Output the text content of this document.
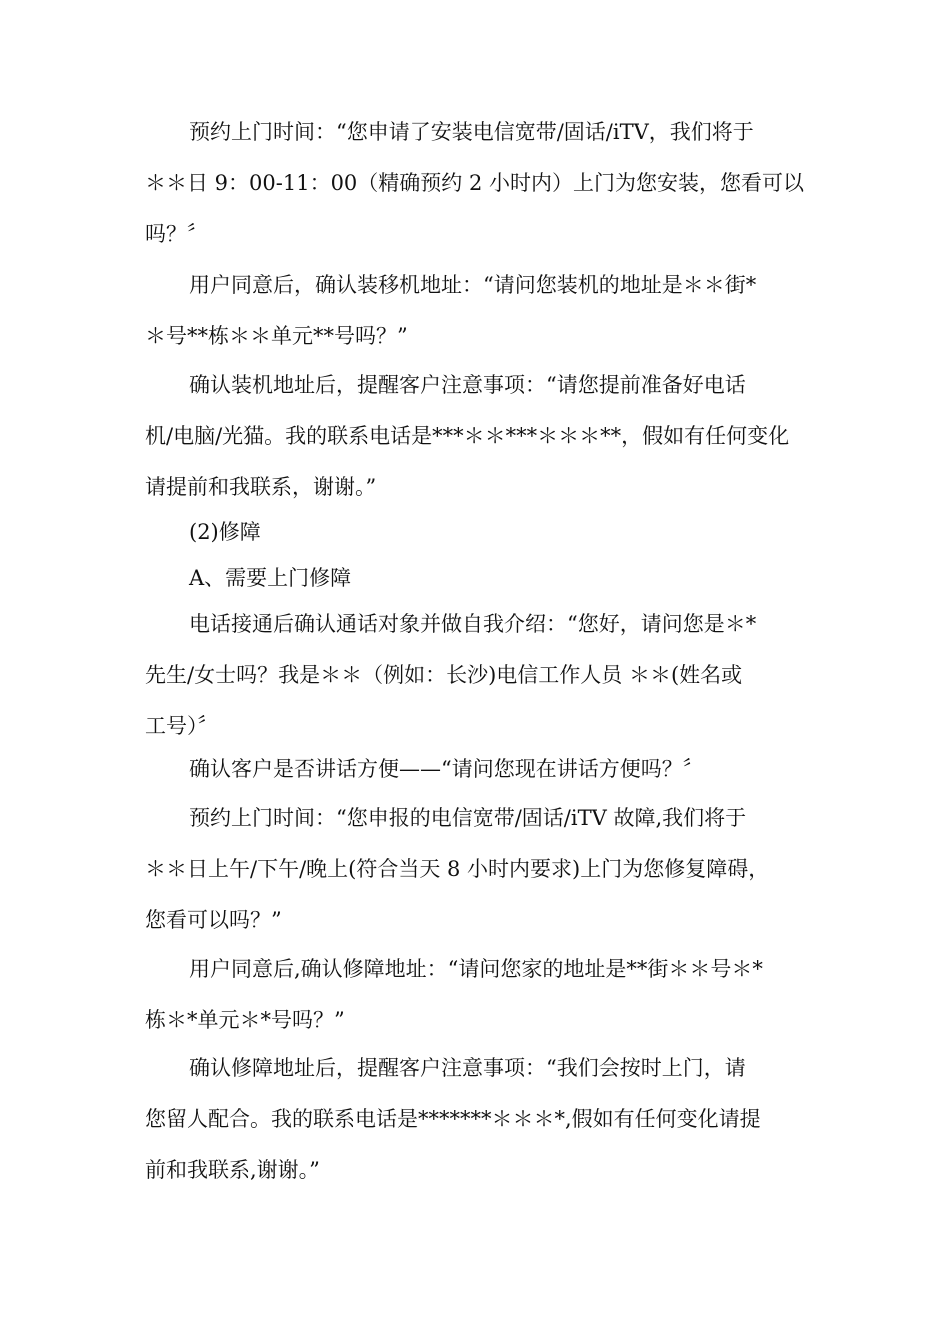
预约上门时间：“您申请了安装电信宽带/固话/iTV，我们将于
＊＊日 9：00-11：00（精确预约 2 小时内）上门为您安装，您看可以
吗？〞
用户同意后，确认装移机地址：“请问您装机的地址是＊＊街*
＊号**栋＊＊单元**号吗？”
确认装机地址后，提醒客户注意事项：“请您提前准备好电话
机/电脑/光猫。我的联系电话是***＊＊***＊＊＊**，假如有任何变化
请提前和我联系，谢谢。”
(2)修障
A、需要上门修障
电话接通后确认通话对象并做自我介绍：“您好，请问您是＊*
先生/女士吗？我是＊＊（例如：长沙)电信工作人员 ＊＊(姓名或
工号）〞
确认客户是否讲话方便——“请问您现在讲话方便吗？〞
预约上门时间：“您申报的电信宽带/固话/iTV 故障,我们将于
＊＊日上午/下午/晚上(符合当天 8 小时内要求)上门为您修复障碍，
您看可以吗？”
用户同意后,确认修障地址：“请问您家的地址是**街＊＊号＊*
栋＊*单元＊*号吗？”
确认修障地址后，提醒客户注意事项：“我们会按时上门，请
您留人配合。我的联系电话是*******＊＊＊*,假如有任何变化请提
前和我联系,谢谢。”
